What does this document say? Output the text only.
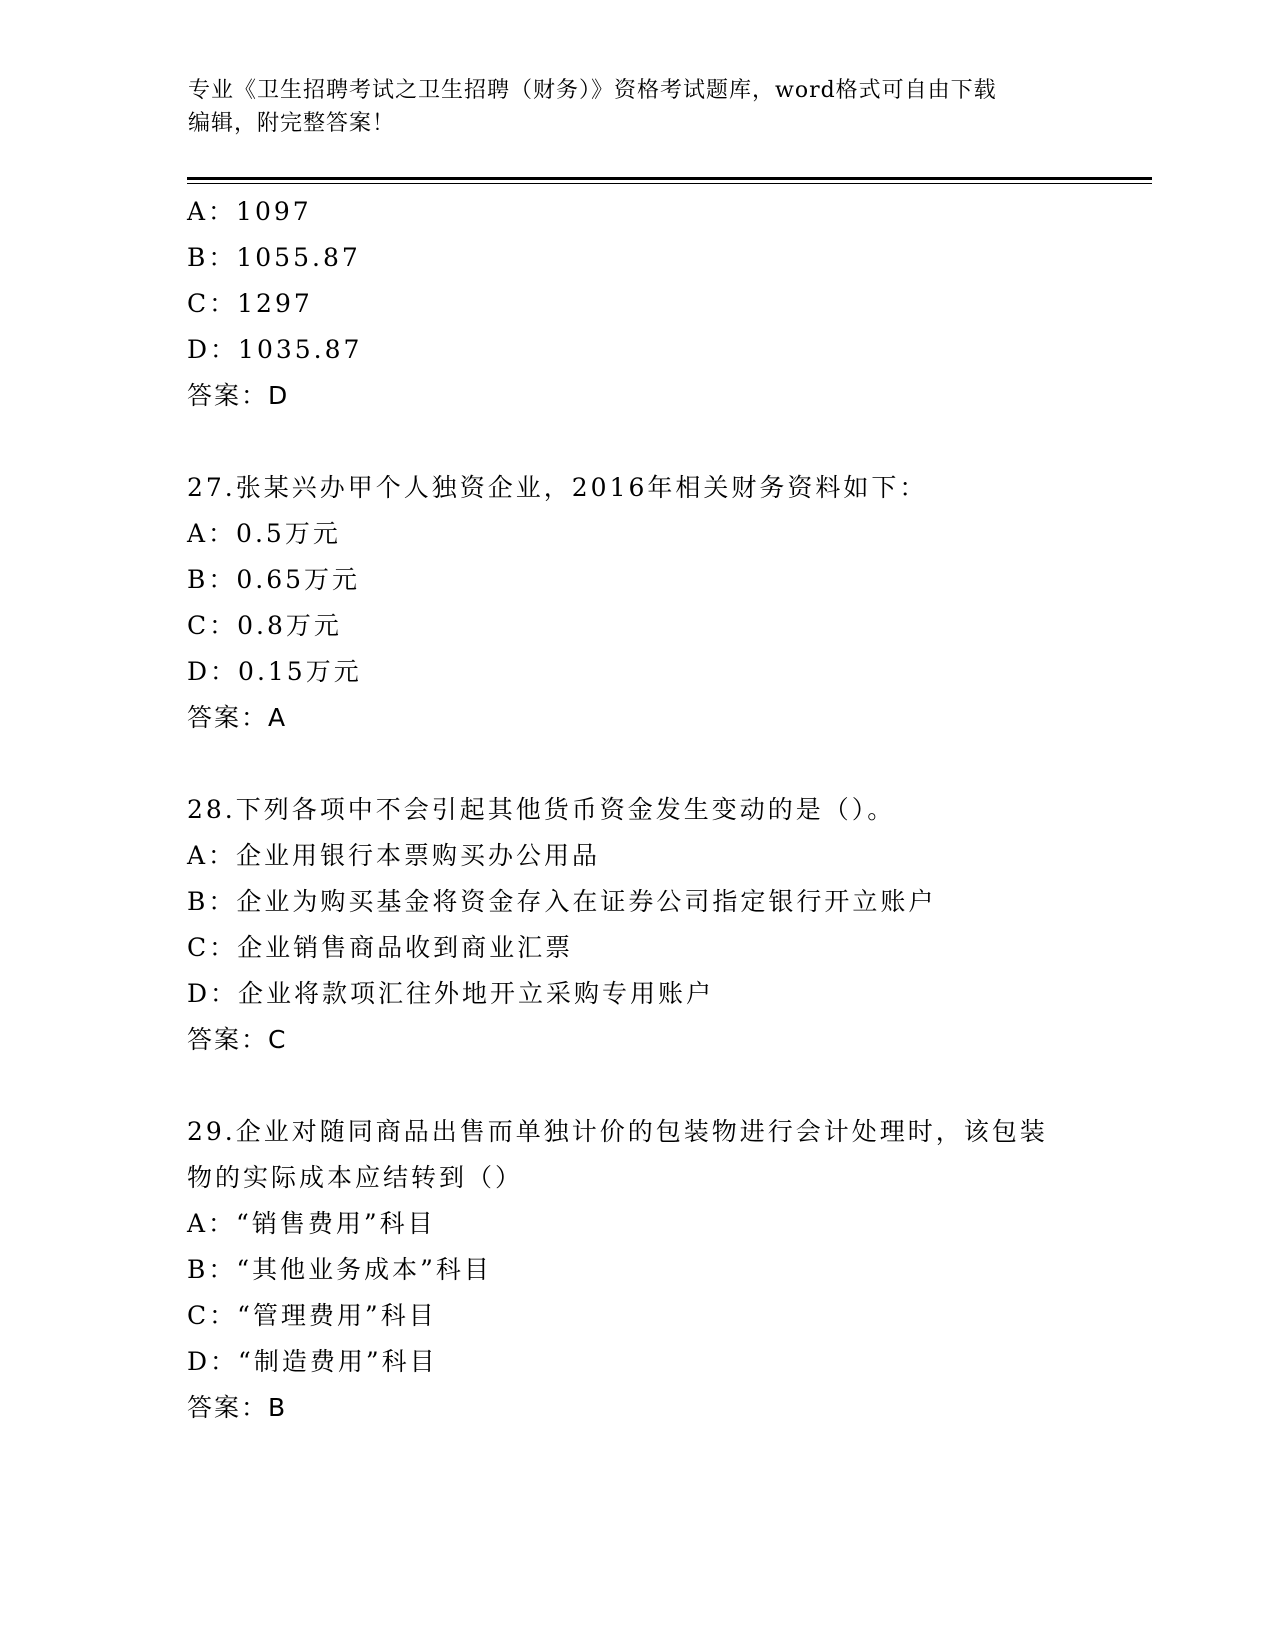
专业《卫生招聘考试之卫生招聘（财务）》资格考试题库，word格式可自由下载
编辑，附完整答案！
A：1097
B：1055.87
C：1297
D：1035.87
答案：D
27.张某兴办甲个人独资企业，2016年相关财务资料如下：
A：0.5万元
B：0.65万元
C：0.8万元
D：0.15万元
答案：A
28.下列各项中不会引起其他货币资金发生变动的是（）。
A：企业用银行本票购买办公用品
B：企业为购买基金将资金存入在证券公司指定银行开立账户
C：企业销售商品收到商业汇票
D：企业将款项汇往外地开立采购专用账户
答案：C
29.企业对随同商品出售而单独计价的包装物进行会计处理时，该包装
物的实际成本应结转到（）
A：“销售费用”科目
B：“其他业务成本”科目
C：“管理费用”科目
D：“制造费用”科目
答案：B
